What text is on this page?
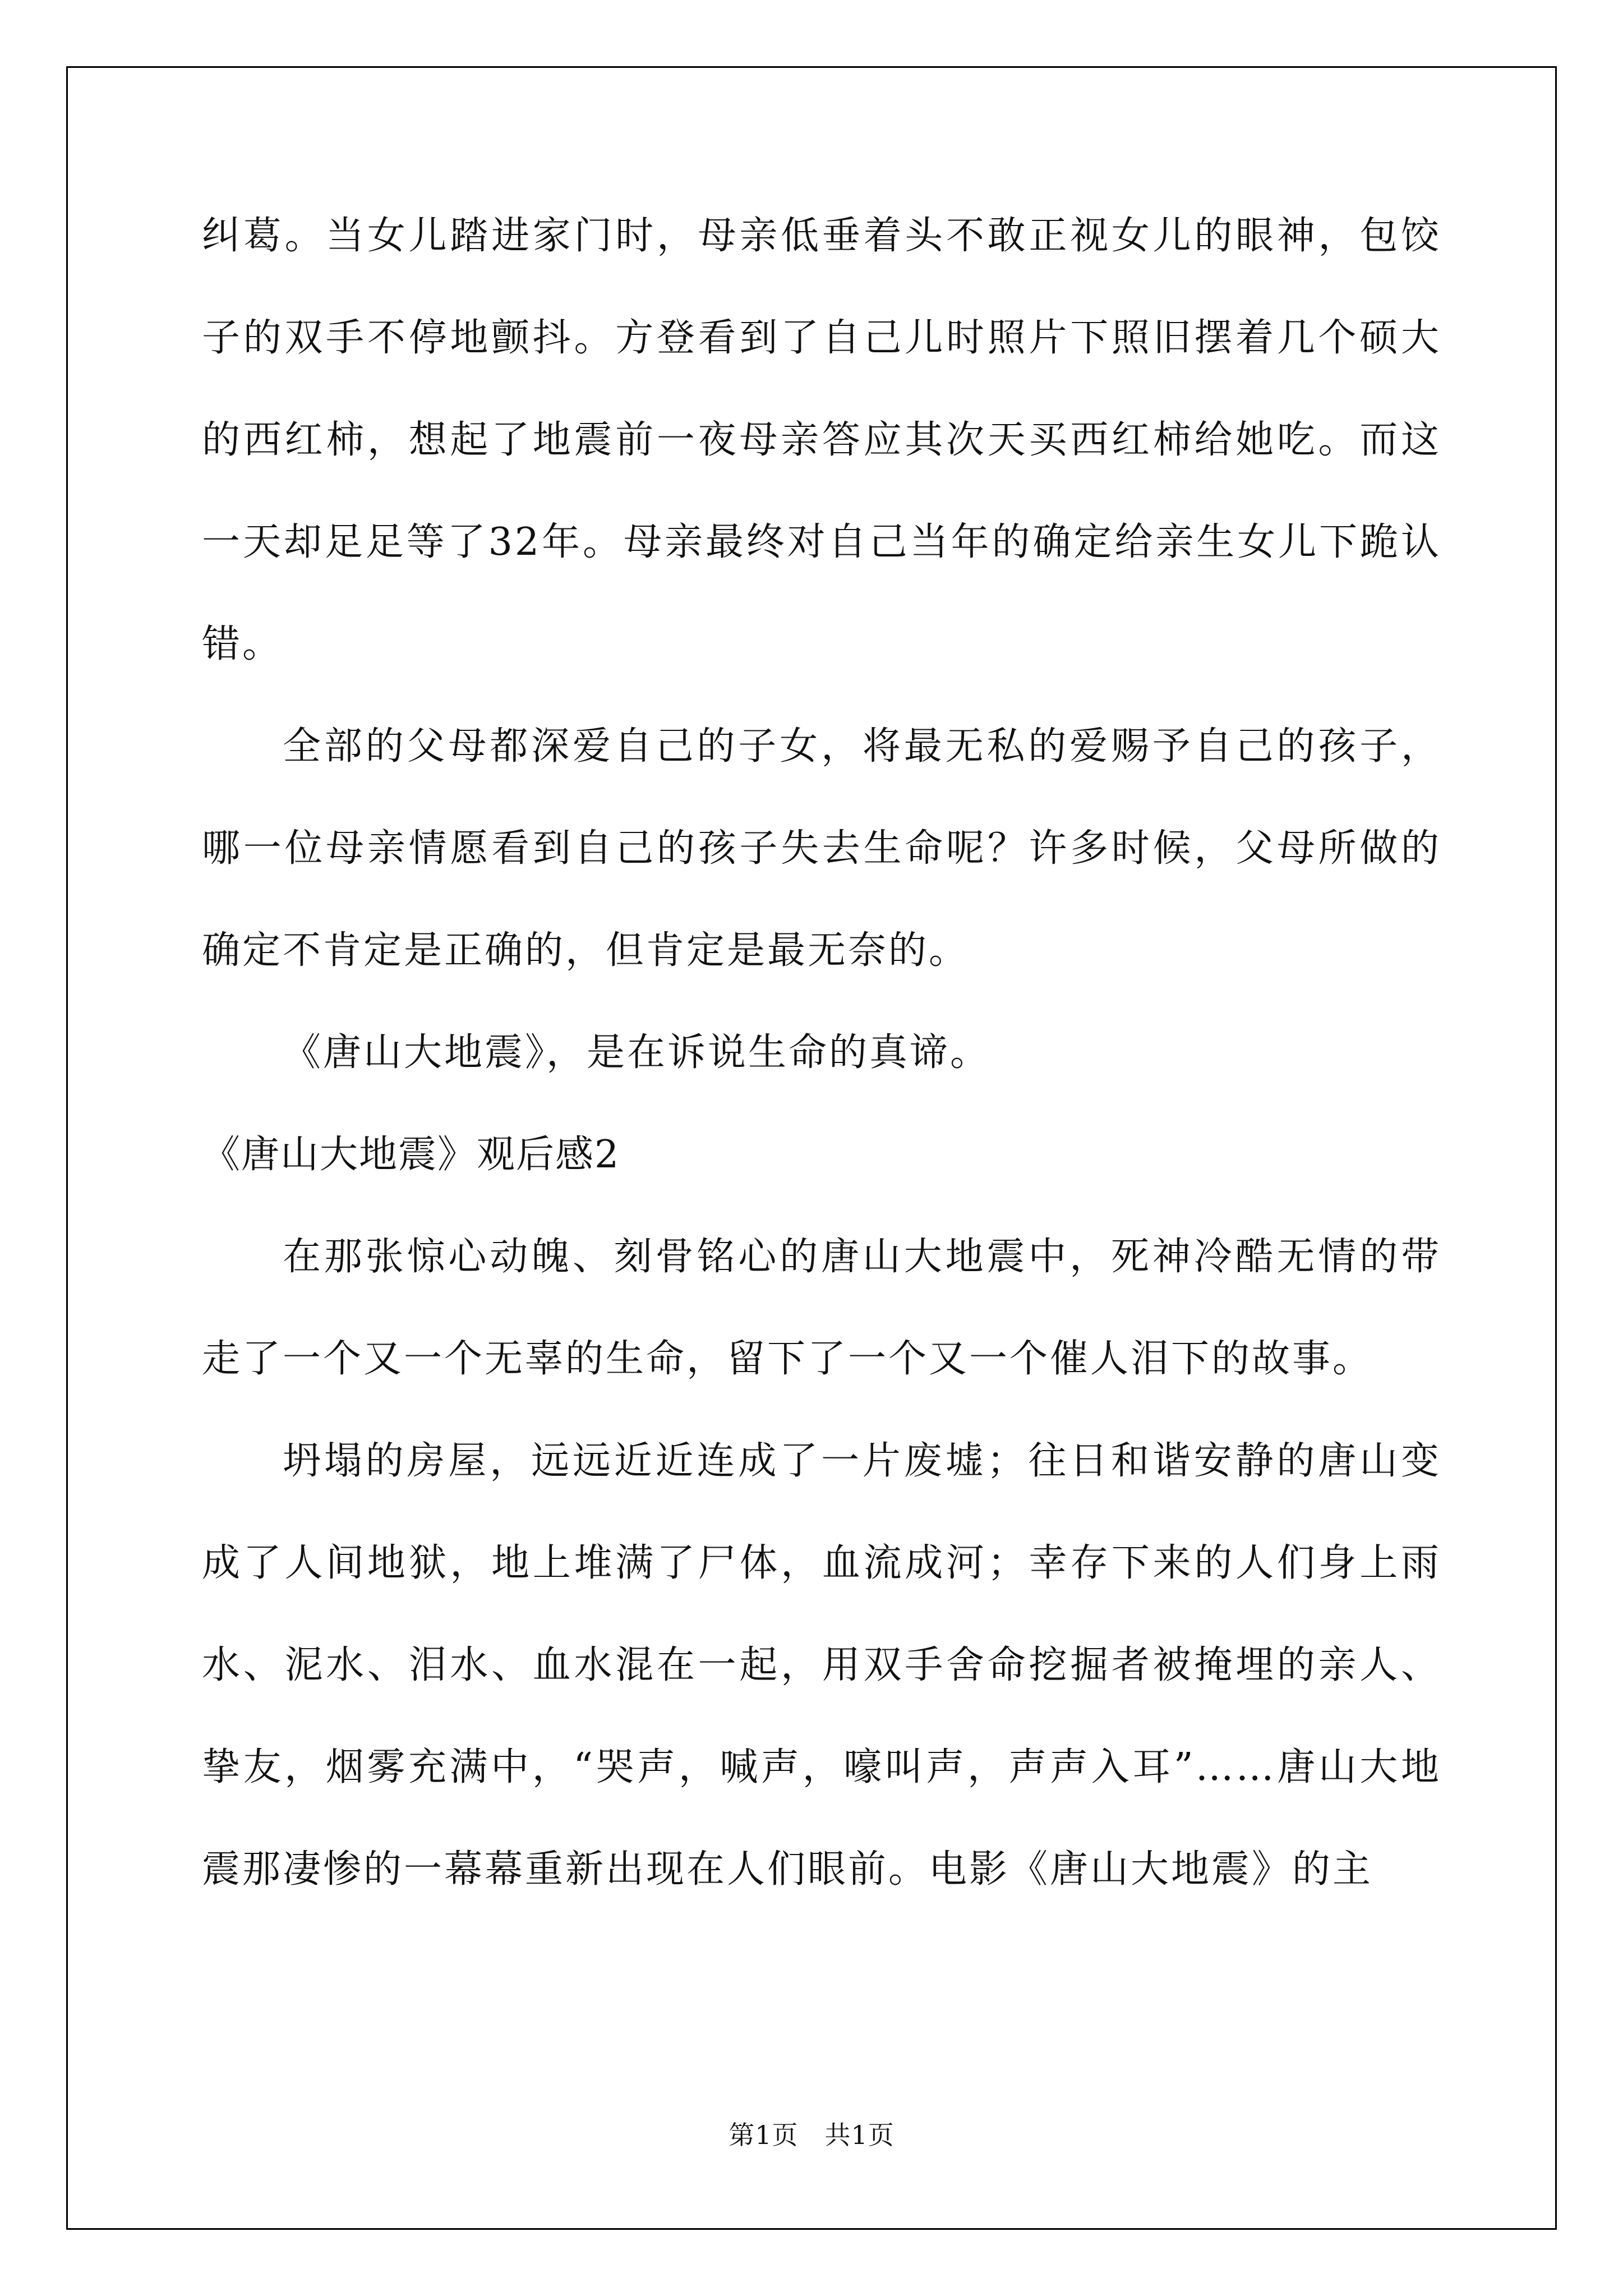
纠葛。当女儿踏进家门时，母亲低垂着头不敢正视女儿的眼神，包饺子的双手不停地颤抖。方登看到了自己儿时照片下照旧摆着几个硕大的西红柿，想起了地震前一夜母亲答应其次天买西红柿给她吃。而这一天却足足等了32年。母亲最终对自己当年的确定给亲生女儿下跪认错。

全部的父母都深爱自己的子女，将最无私的爱赐予自己的孩子，哪一位母亲情愿看到自己的孩子失去生命呢？许多时候，父母所做的确定不肯定是正确的，但肯定是最无奈的。

《唐山大地震》，是在诉说生命的真谛。

《唐山大地震》观后感2

在那张惊心动魄、刻骨铭心的唐山大地震中，死神冷酷无情的带走了一个又一个无辜的生命，留下了一个又一个催人泪下的故事。

坍塌的房屋，远远近近连成了一片废墟；往日和谐安静的唐山变成了人间地狱，地上堆满了尸体，血流成河；幸存下来的人们身上雨水、泥水、泪水、血水混在一起，用双手舍命挖掘者被掩埋的亲人、挚友，烟雾充满中，“哭声，喊声，嚎叫声，声声入耳”……唐山大地震那凄惨的一幕幕重新出现在人们眼前。电影《唐山大地震》的主

第1页　共1页
